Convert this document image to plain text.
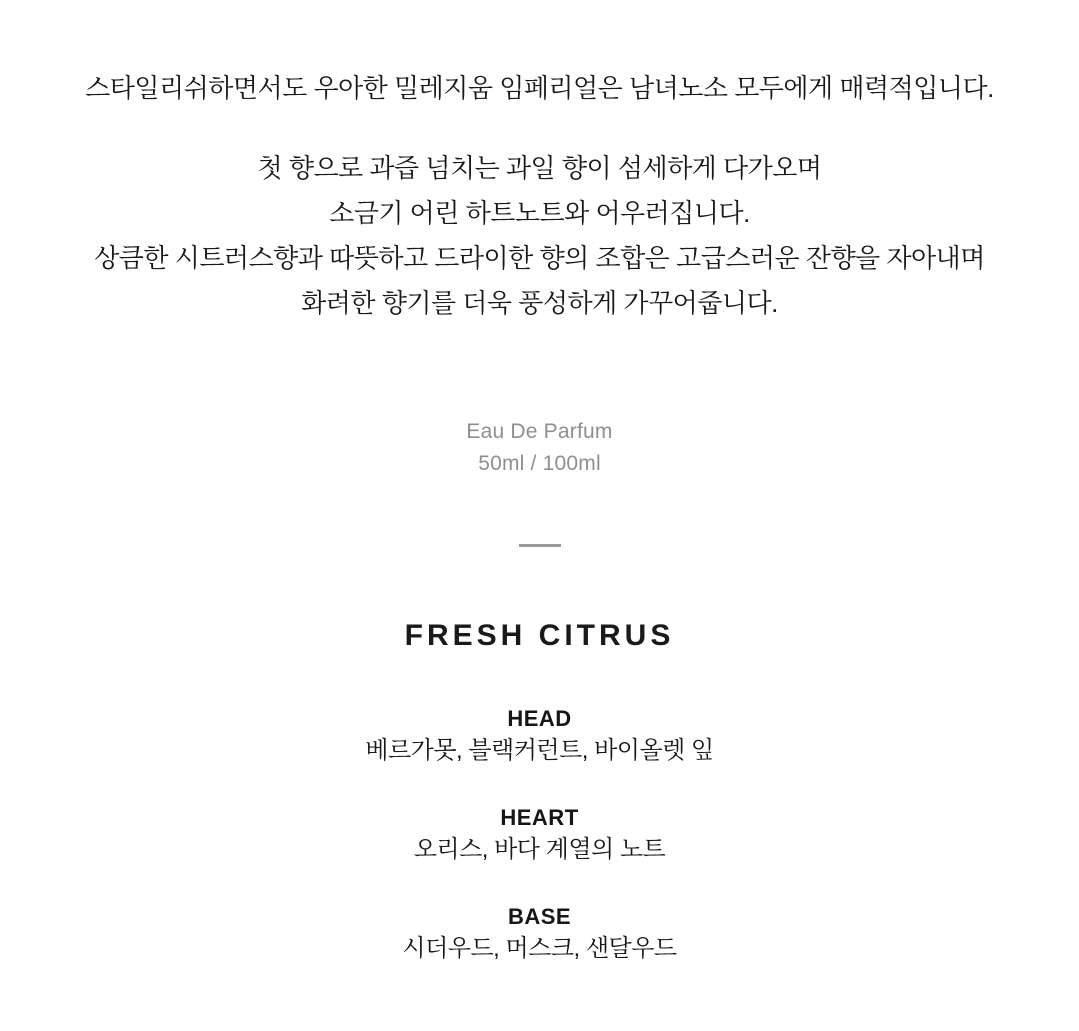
스타일리쉬하면서도 우아한 밀레지움 임페리얼은 남녀노소 모두에게 매력적입니다.

첫 향으로 과즙 넘치는 과일 향이 섬세하게 다가오며

소금기 어린 하트노트와 어우러집니다.

상큼한 시트러스향과 따뜻하고 드라이한 향의 조합은 고급스러운 잔향을 자아내며

화려한 향기를 더욱 풍성하게 가꾸어줍니다.

Eau De Parfum

50ml / 100ml

FRESH CITRUS
HEAD

베르가못, 블랙커런트, 바이올렛 잎

HEART

오리스, 바다 계열의 노트

BASE

시더우드, 머스크, 샌달우드
